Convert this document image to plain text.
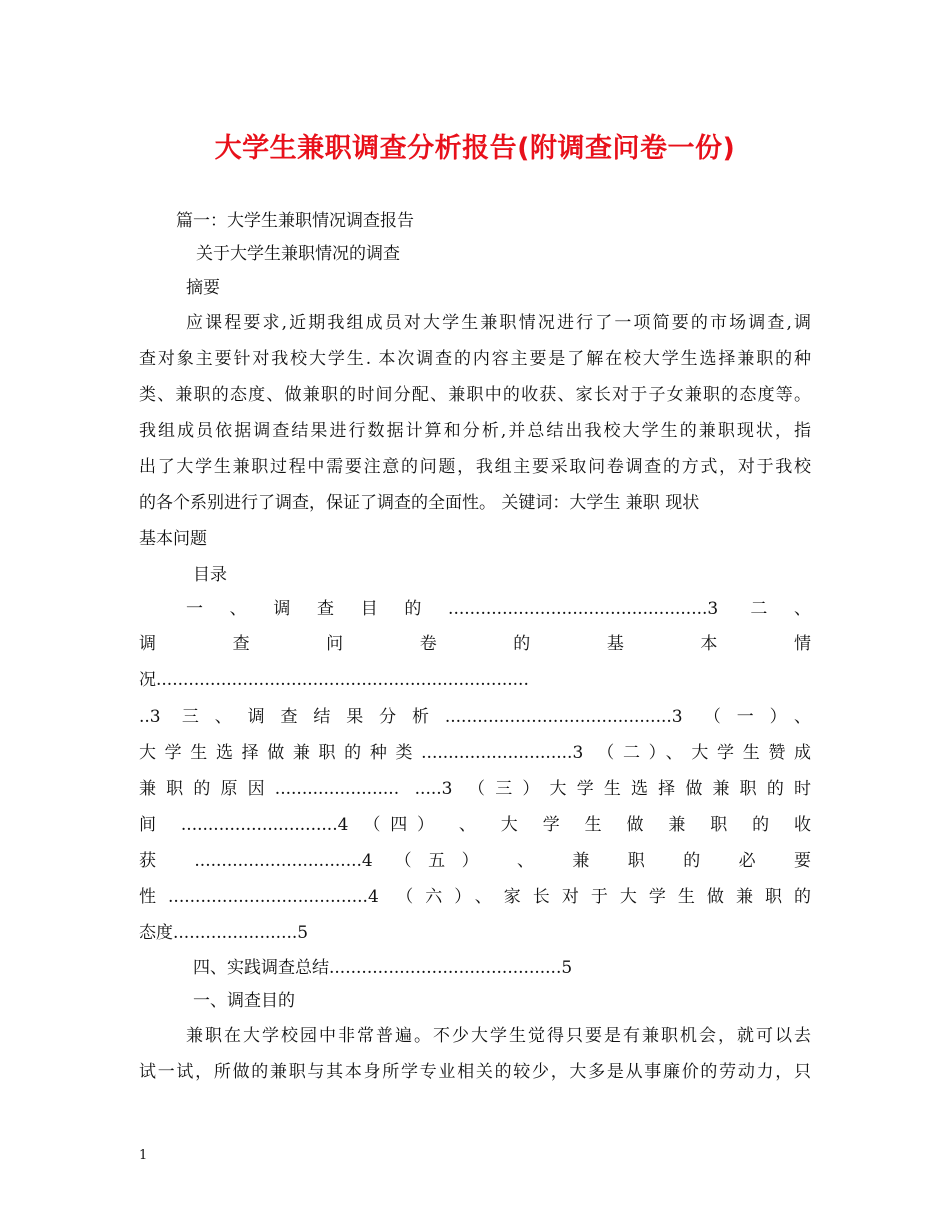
大学生兼职调查分析报告(附调查问卷一份)
篇一：大学生兼职情况调查报告
关于大学生兼职情况的调查
摘要
应课程要求,近期我组成员对大学生兼职情况进行了一项简要的市场调查,调
查对象主要针对我校大学生. 本次调查的内容主要是了解在校大学生选择兼职的种
类、兼职的态度、做兼职的时间分配、兼职中的收获、家长对于子女兼职的态度等。
我组成员依据调查结果进行数据计算和分析,并总结出我校大学生的兼职现状，指
出了大学生兼职过程中需要注意的问题，我组主要采取问卷调查的方式，对于我校
的各个系别进行了调查，保证了调查的全面性。 关键词：大学生 兼职 现状
基本问题
目录
一、调查目的................................................3 二、
调 查 问 卷 的 基 本 情
况.....................................................................
..3 三、调查结果分析..........................................3 （一）、
大学生选择做兼职的种类............................3 （二）、大学生赞成
兼职的原因....................... .....3 （三）大学生选择做兼职的时
间 .............................4 （四） 、 大 学 生 做 兼 职 的 收
获 ...............................4 （五） 、 兼 职 的 必 要
性.....................................4 （六）、家长对于大学生做兼职的
态度.......................5
四、实践调查总结...........................................5
一、调查目的
兼职在大学校园中非常普遍。不少大学生觉得只要是有兼职机会，就可以去
试一试，所做的兼职与其本身所学专业相关的较少，大多是从事廉价的劳动力，只
1
